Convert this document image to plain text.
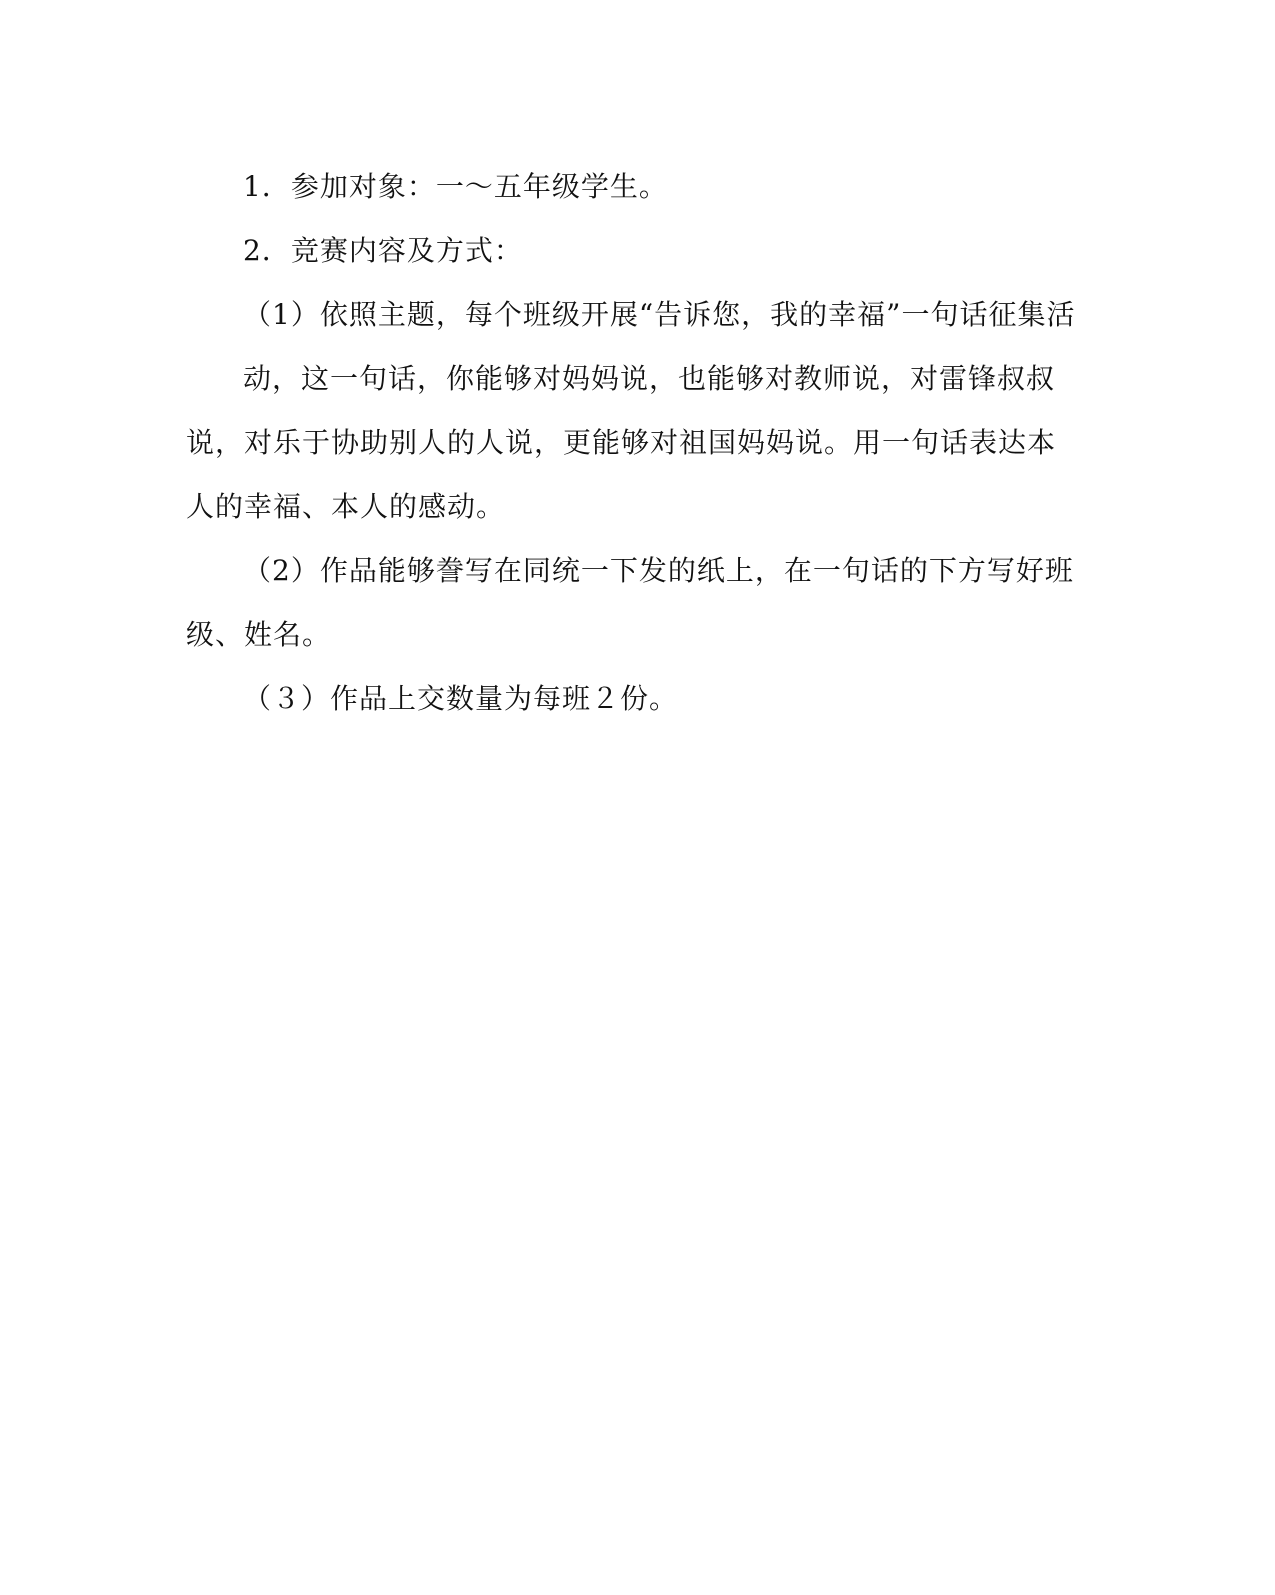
1．参加对象：一～五年级学生。
2．竞赛内容及方式：
（1）依照主题，每个班级开展“告诉您，我的幸福”一句话征集活
动，这一句话，你能够对妈妈说，也能够对教师说，对雷锋叔叔
说，对乐于协助别人的人说，更能够对祖国妈妈说。用一句话表达本
人的幸福、本人的感动。
（2）作品能够誊写在同统一下发的纸上，在一句话的下方写好班
级、姓名。
（３）作品上交数量为每班２份。
